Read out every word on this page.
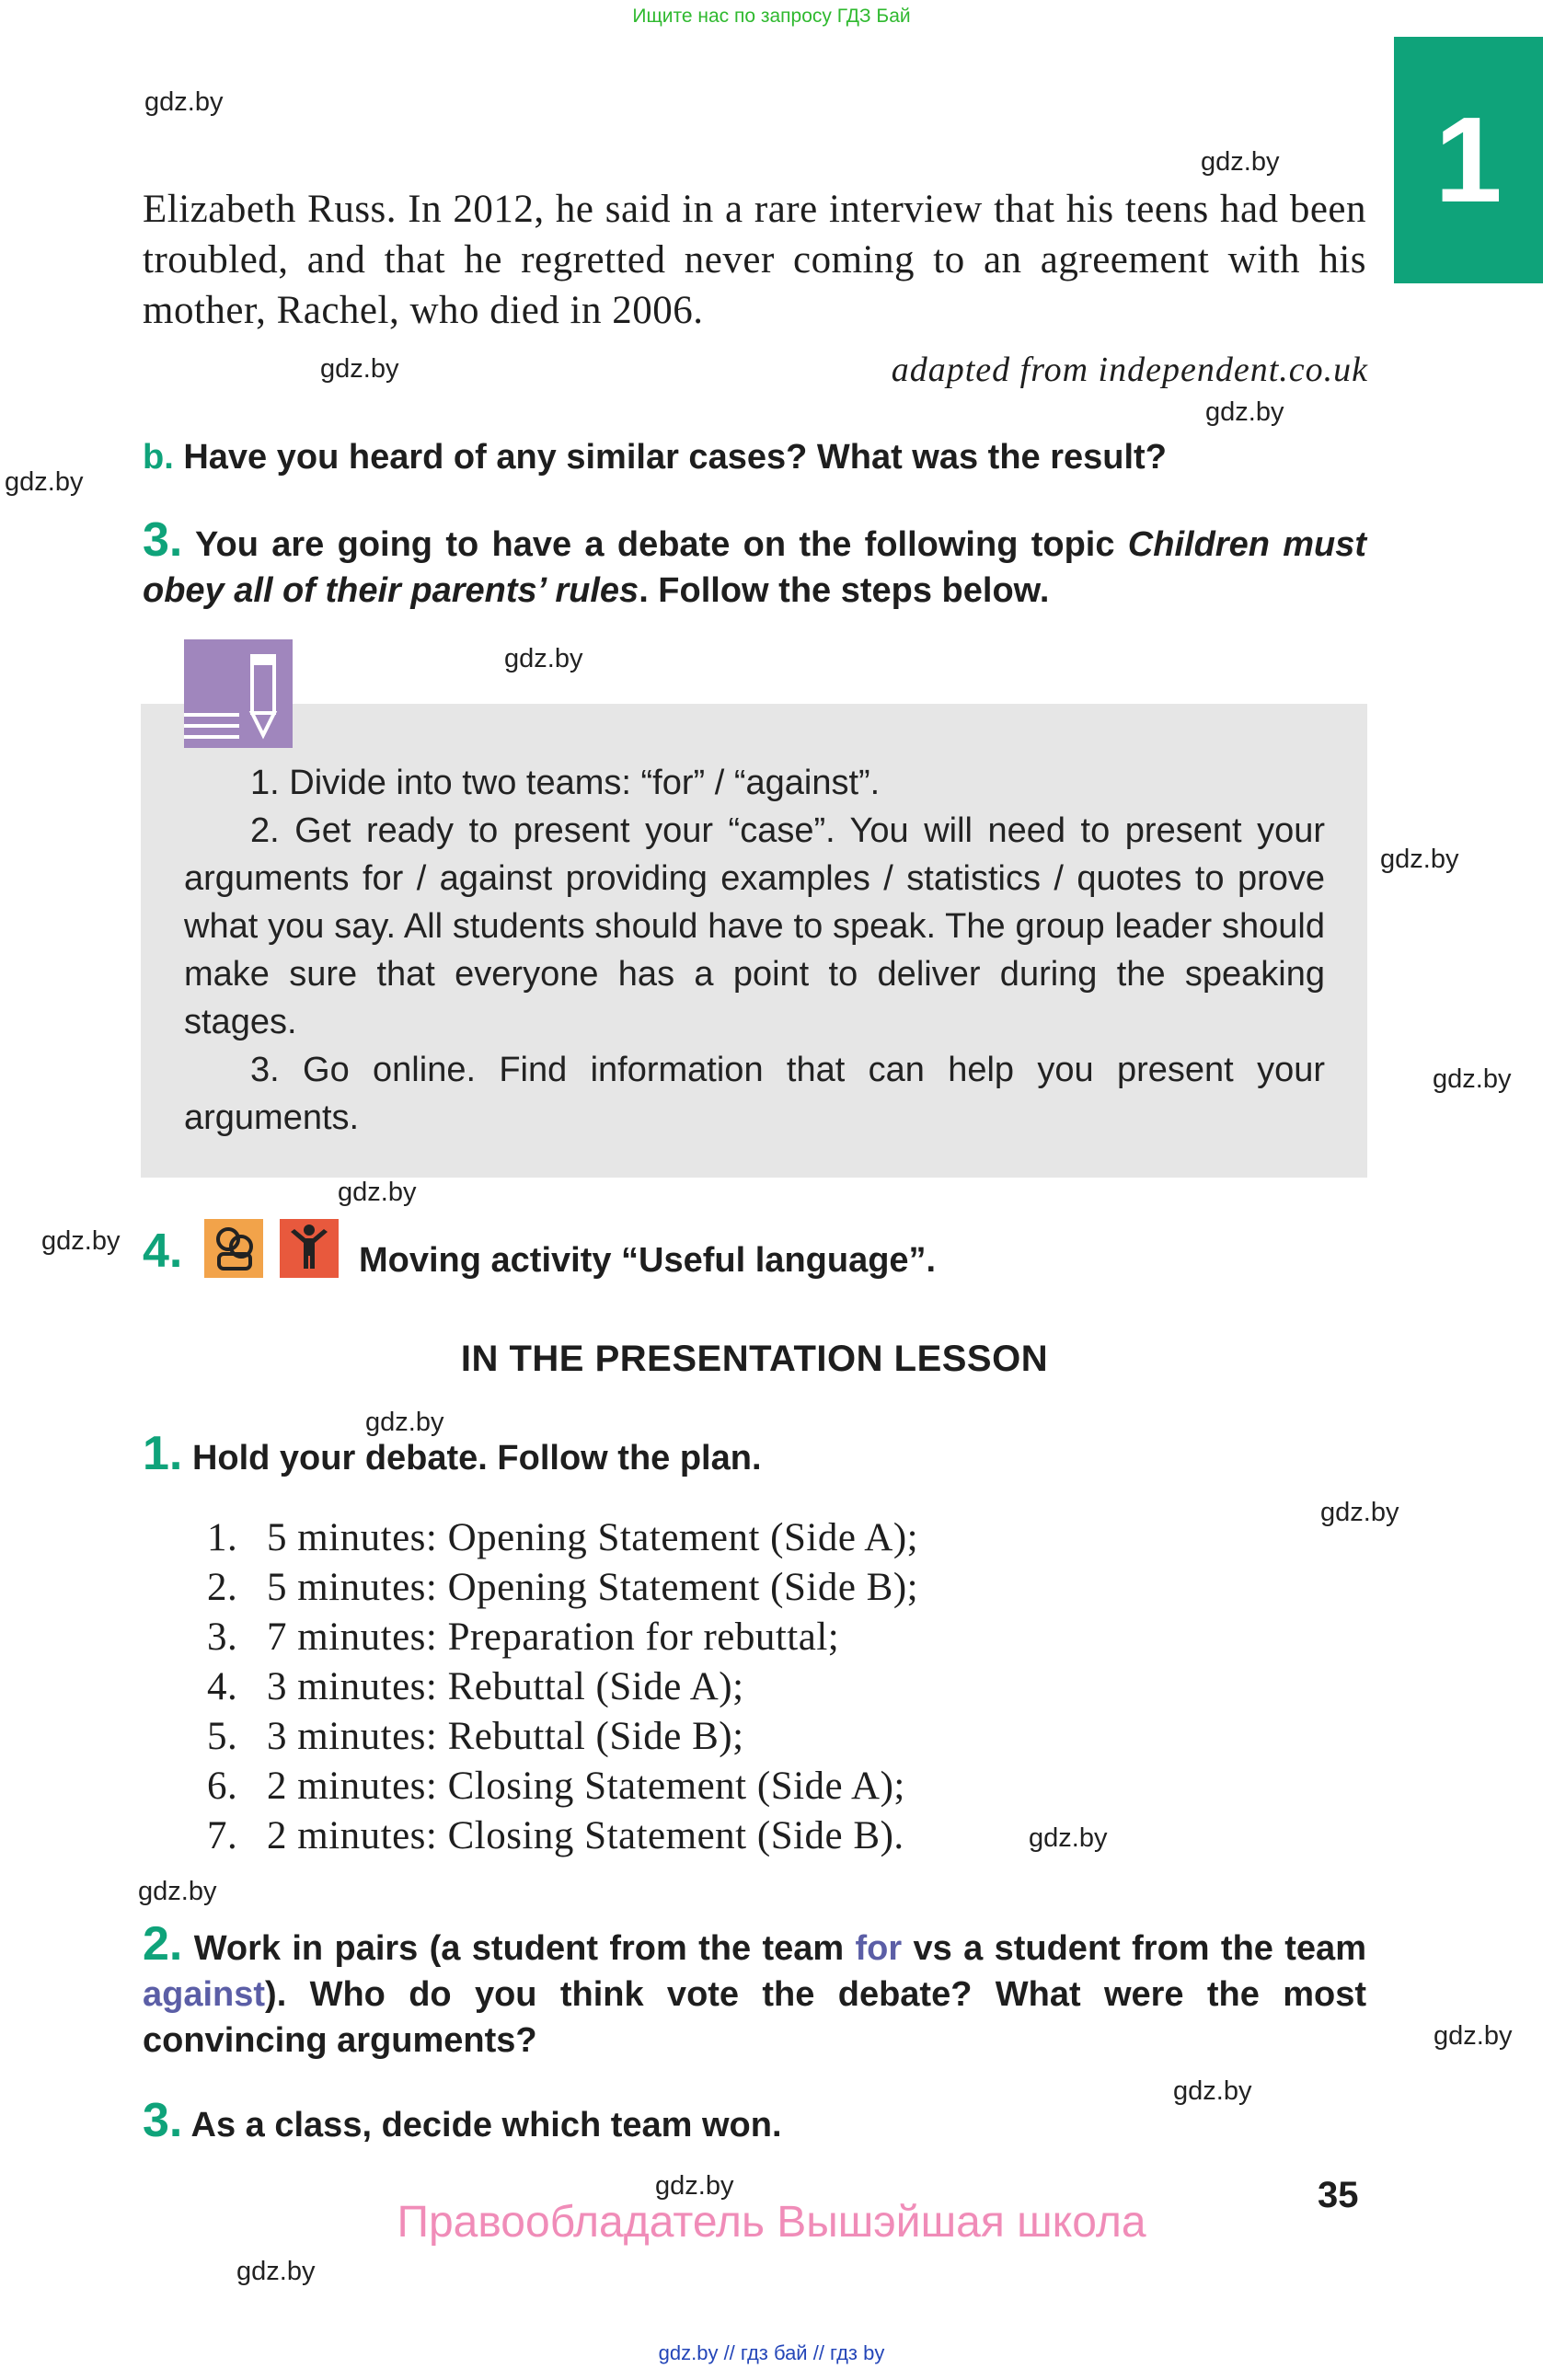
Ищите нас по запросу ГДЗ Бай
1
gdz.by
gdz.by
gdz.by
gdz.by
gdz.by
gdz.by
gdz.by
gdz.by
gdz.by
gdz.by
gdz.by
gdz.by
gdz.by
gdz.by
gdz.by
gdz.by
gdz.by
gdz.by
Elizabeth Russ. In 2012, he said in a rare interview that his teens had been troubled, and that he regretted never coming to an agreement with his mother, Rachel, who died in 2006.
adapted from independent.co.uk
b. Have you heard of any similar cases? What was the result?
3. You are going to have a debate on the following topic Children must obey all of their parents’ rules. Follow the steps below.

1. Divide into two teams: “for” / “against”.

2. Get ready to present your “case”. You will need to present your arguments for / against providing examples / statistics / quotes to prove what you say. All students should have to speak. The group leader should make sure that everyone has a point to deliver during the speaking stages.

3. Go online. Find information that can help you present your arguments.

4.	Moving activity “Useful language”.
IN THE PRESENTATION LESSON
1. Hold your debate. Follow the plan.
1. 5 minutes: Opening Statement (Side A);
2. 5 minutes: Opening Statement (Side B);
3. 7 minutes: Preparation for rebuttal;
4. 3 minutes: Rebuttal (Side A);
5. 3 minutes: Rebuttal (Side B);
6. 2 minutes: Closing Statement (Side A);
7. 2 minutes: Closing Statement (Side B).
2. Work in pairs (a student from the team for vs a student from the team against). Who do you think vote the debate? What were the most convincing arguments?
3. As a class, decide which team won.
35
Правообладатель Вышэйшая школа
gdz.by // гдз бай // гдз by
